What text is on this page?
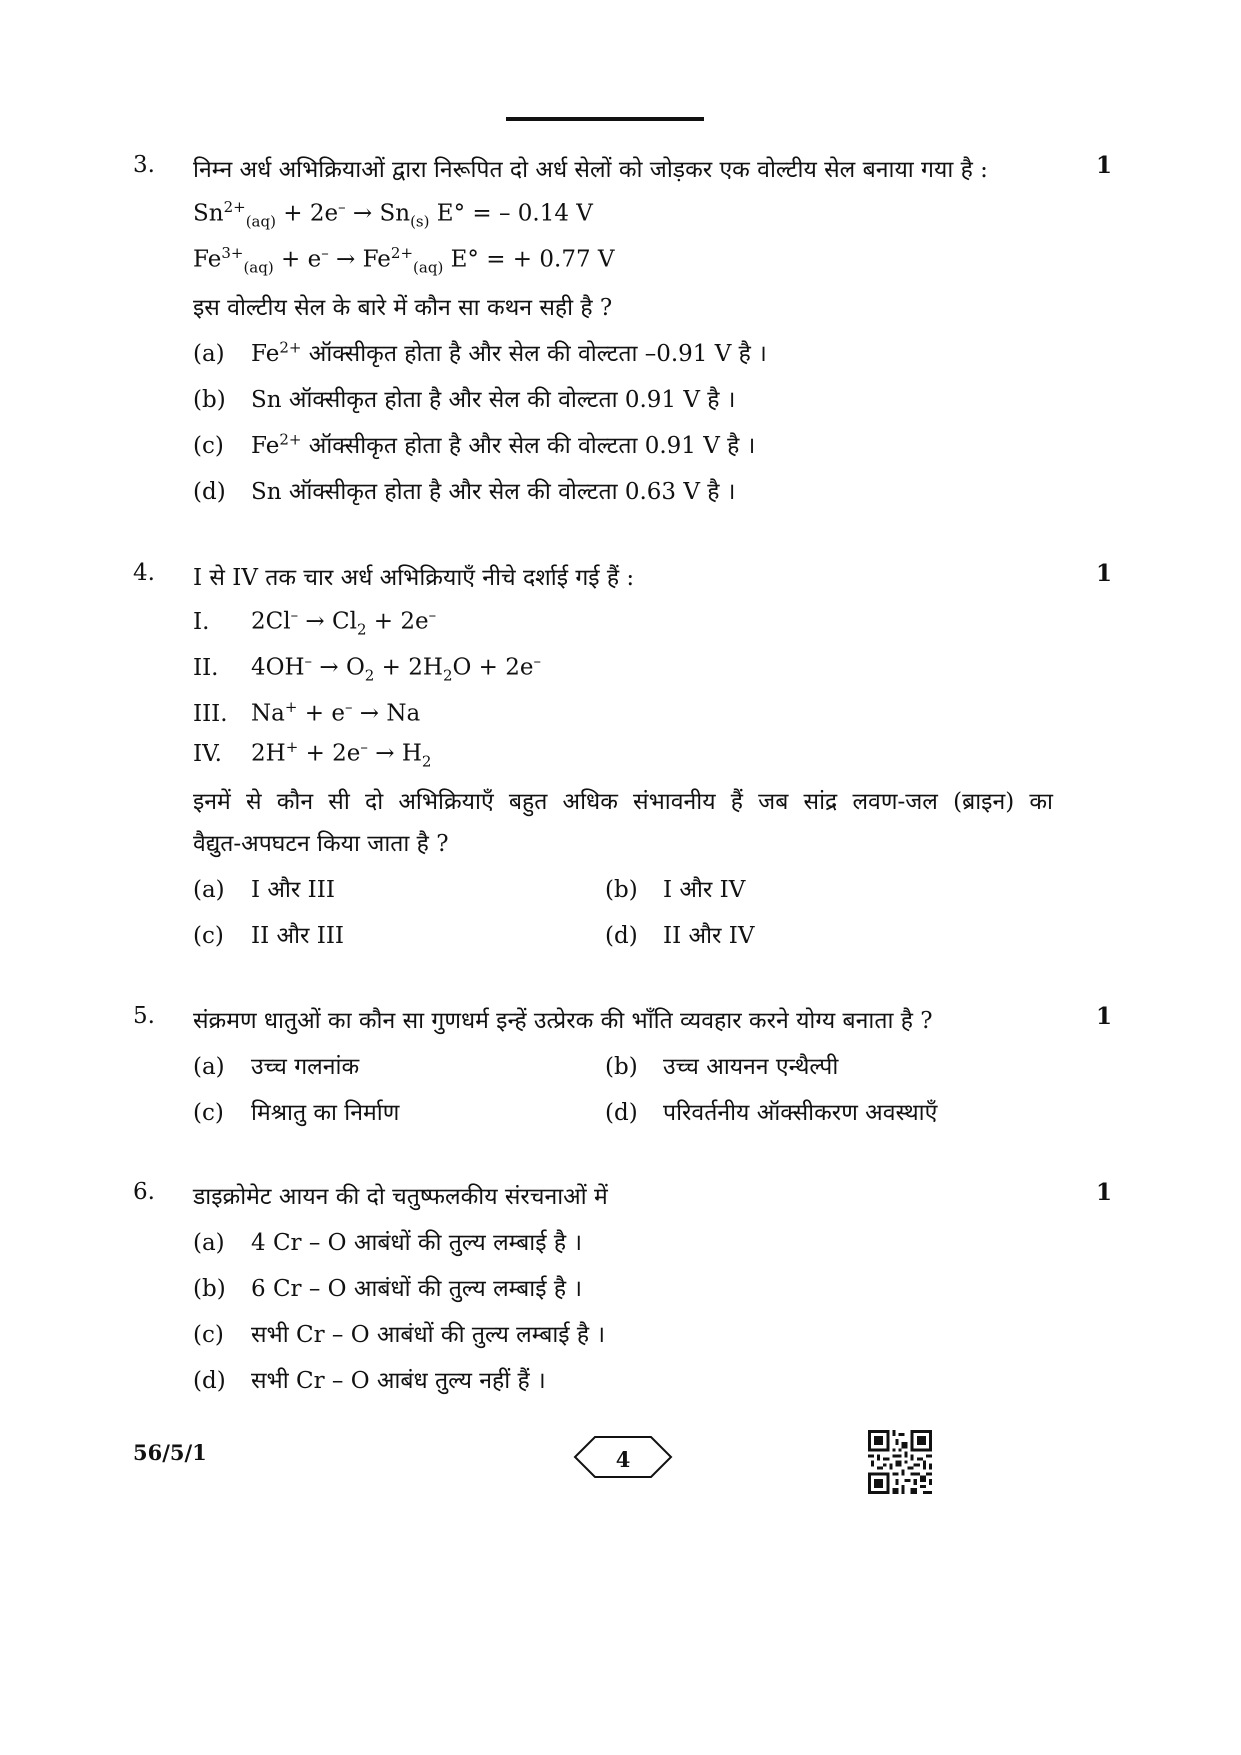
3.	1
निम्न अर्ध अभिक्रियाओं द्वारा निरूपित दो अर्ध सेलों को जोड़कर एक वोल्टीय सेल बनाया गया है :
$Sn^{2+}_{(aq)} + 2e^- \to Sn_{(s)}$ E° = – 0.14 V
$Fe^{3+}_{(aq)} + e^- \to Fe^{2+}_{(aq)}$ E° = + 0.77 V
इस वोल्टीय सेल के बारे में कौन सा कथन सही है ?
(a) $Fe^{2+}$ ऑक्सीकृत होता है और सेल की वोल्टता –0.91 V है ।
(b) Sn ऑक्सीकृत होता है और सेल की वोल्टता 0.91 V है ।
(c) $Fe^{2+}$ ऑक्सीकृत होता है और सेल की वोल्टता 0.91 V है ।
(d) Sn ऑक्सीकृत होता है और सेल की वोल्टता 0.63 V है ।
4.	1
I से IV तक चार अर्ध अभिक्रियाएँ नीचे दर्शाई गई हैं :
I. $2Cl^- \to Cl_2 + 2e^-$
II. $4OH^- \to O_2 + 2H_2O + 2e^-$
III. Na+ + e– → Na
IV. $2H^+ + 2e^- \to H_2$
इनमें से कौन सी दो अभिक्रियाएँ बहुत अधिक संभावनीय हैं जब सांद्र लवण-जल (ब्राइन) का
वैद्युत-अपघटन किया जाता है ?
(a) I और III	(b) I और IV
(c) II और III	(d) II और IV
5.	1
संक्रमण धातुओं का कौन सा गुणधर्म इन्हें उत्प्रेरक की भाँति व्यवहार करने योग्य बनाता है ?
(a) उच्च गलनांक	(b) उच्च आयनन एन्थैल्पी
(c) मिश्रातु का निर्माण	(d) परिवर्तनीय ऑक्सीकरण अवस्थाएँ
6.	1
डाइक्रोमेट आयन की दो चतुष्फलकीय संरचनाओं में
(a) 4 Cr – O आबंधों की तुल्य लम्बाई है ।
(b) 6 Cr – O आबंधों की तुल्य लम्बाई है ।
(c) सभी Cr – O आबंधों की तुल्य लम्बाई है ।
(d) सभी Cr – O आबंध तुल्य नहीं हैं ।
56/5/1	4
